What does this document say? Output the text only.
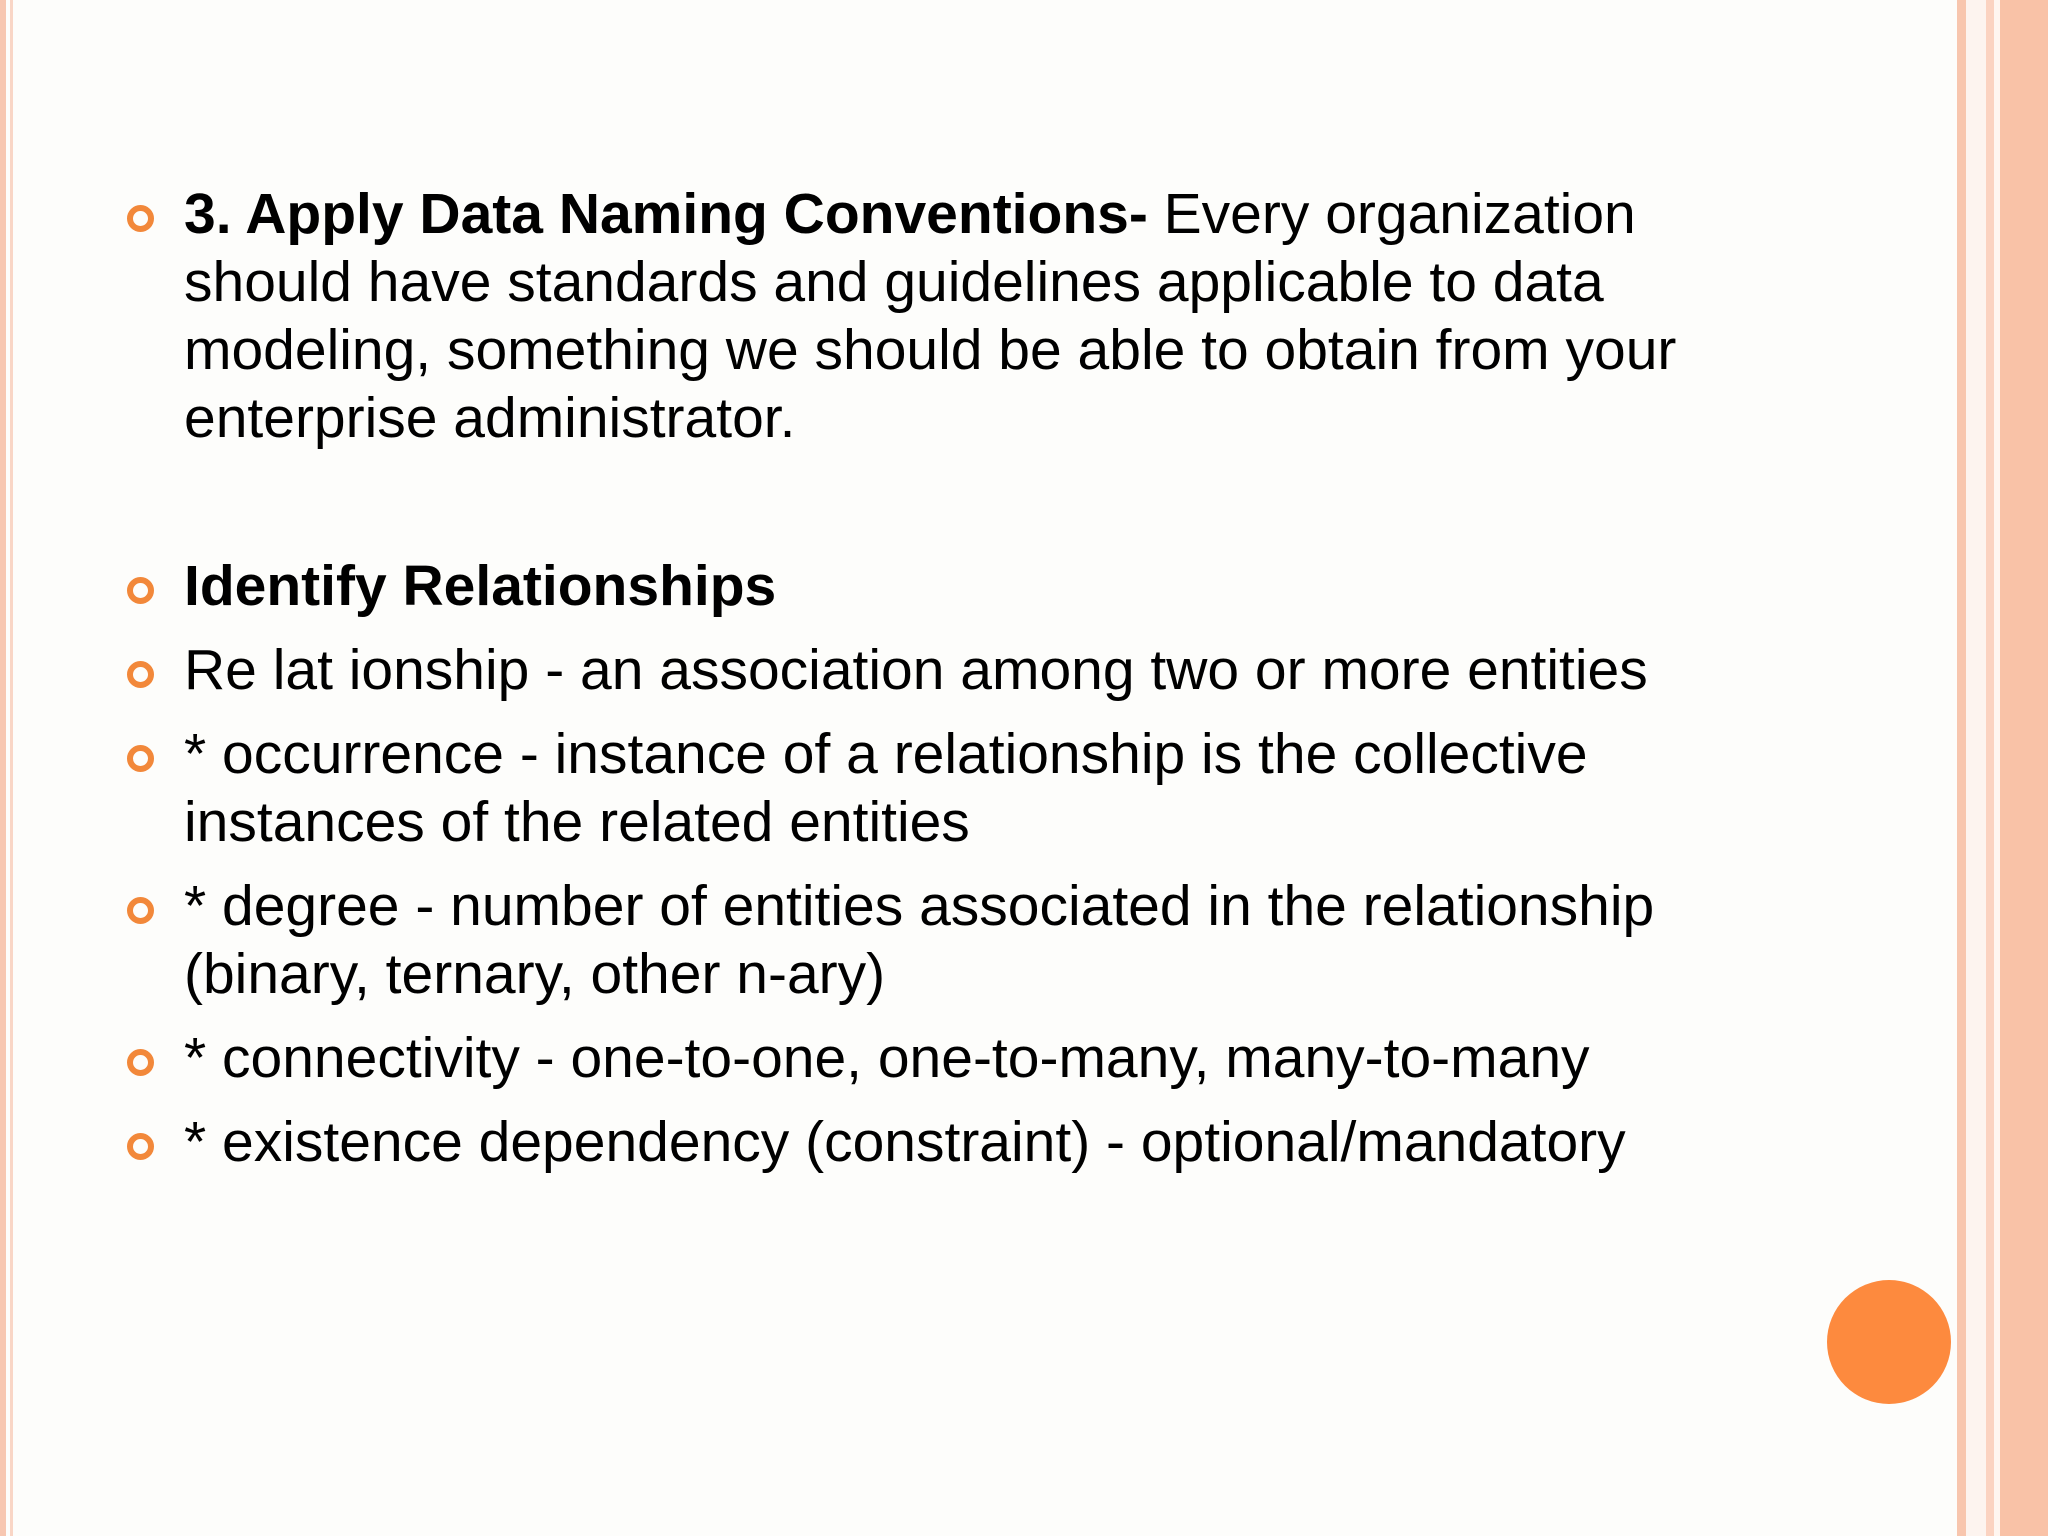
3. Apply Data Naming Conventions- Every organization should have standards and guidelines applicable to data modeling, something we should be able to obtain from your enterprise administrator.
Identify Relationships
Re lat ionship - an association among two or more entities
* occurrence - instance of a relationship is the collective instances of the related entities
* degree - number of entities associated in the relationship (binary, ternary, other n-ary)
* connectivity - one-to-one, one-to-many, many-to-many
* existence dependency (constraint) - optional/mandatory
